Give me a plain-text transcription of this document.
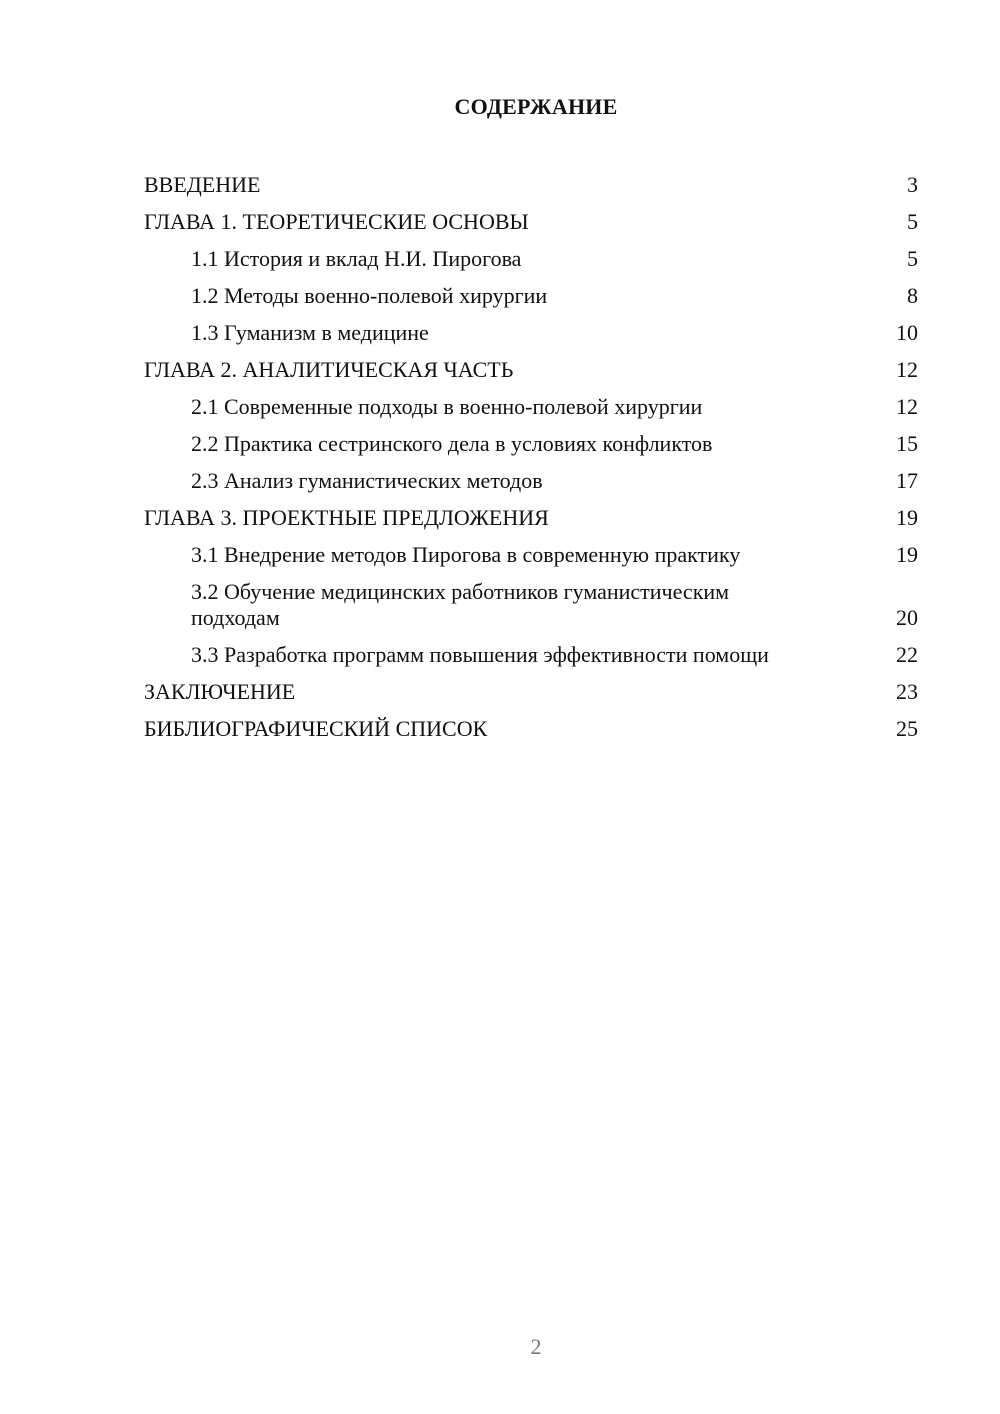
СОДЕРЖАНИЕ
ВВЕДЕНИЕ	3
ГЛАВА 1. ТЕОРЕТИЧЕСКИЕ ОСНОВЫ	5
1.1 История и вклад Н.И. Пирогова	5
1.2 Методы военно-полевой хирургии	8
1.3 Гуманизм в медицине	10
ГЛАВА 2. АНАЛИТИЧЕСКАЯ ЧАСТЬ	12
2.1 Современные подходы в военно-полевой хирургии	12
2.2 Практика сестринского дела в условиях конфликтов	15
2.3 Анализ гуманистических методов	17
ГЛАВА 3. ПРОЕКТНЫЕ ПРЕДЛОЖЕНИЯ	19
3.1 Внедрение методов Пирогова в современную практику	19
3.2 Обучение медицинских работников гуманистическим подходам	20
3.3 Разработка программ повышения эффективности помощи	22
ЗАКЛЮЧЕНИЕ	23
БИБЛИОГРАФИЧЕСКИЙ СПИСОК	25
2
